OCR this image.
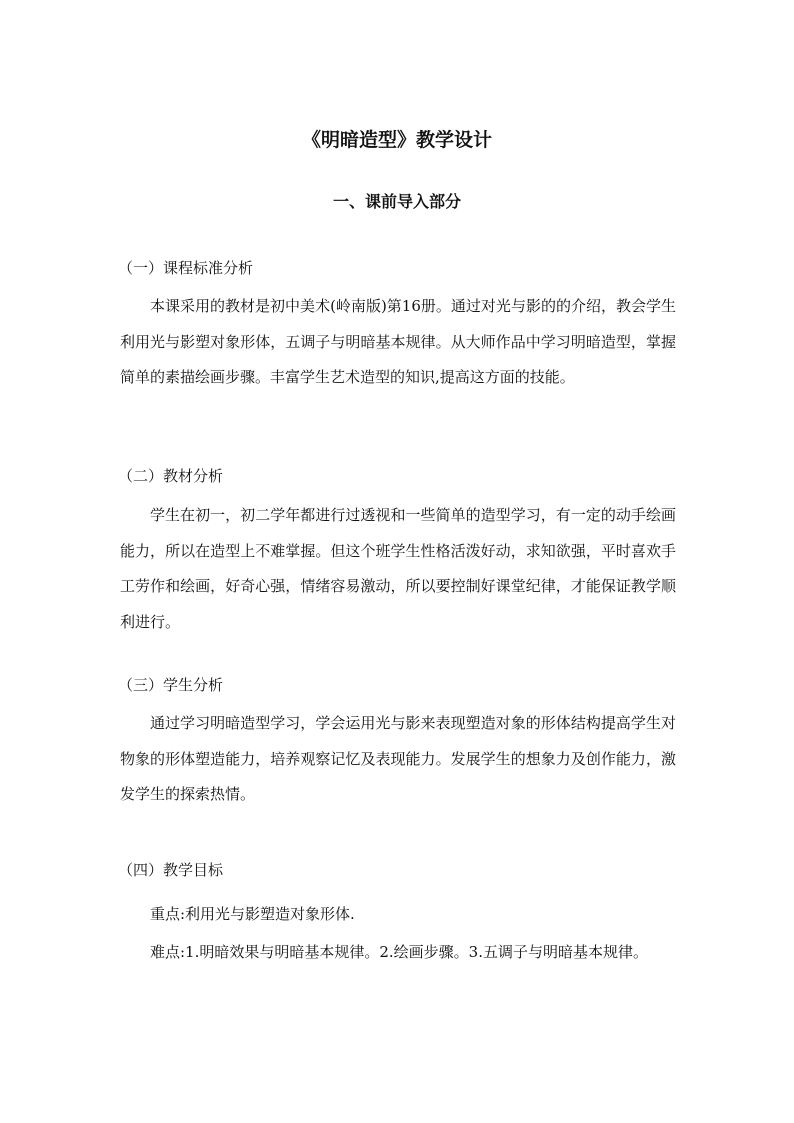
《明暗造型》教学设计
一、课前导入部分
（一）课程标准分析

本课采用的教材是初中美术(岭南版)第16册。通过对光与影的的介绍，教会学生利用光与影塑对象形体，五调子与明暗基本规律。从大师作品中学习明暗造型，掌握简单的素描绘画步骤。丰富学生艺术造型的知识,提高这方面的技能。

（二）教材分析

学生在初一，初二学年都进行过透视和一些简单的造型学习，有一定的动手绘画能力，所以在造型上不难掌握。但这个班学生性格活泼好动，求知欲强，平时喜欢手工劳作和绘画，好奇心强，情绪容易激动，所以要控制好课堂纪律，才能保证教学顺利进行。

（三）学生分析

通过学习明暗造型学习，学会运用光与影来表现塑造对象的形体结构提高学生对物象的形体塑造能力，培养观察记忆及表现能力。发展学生的想象力及创作能力，激发学生的探索热情。

（四）教学目标
重点:利用光与影塑造对象形体.

难点:1.明暗效果与明暗基本规律。2.绘画步骤。3.五调子与明暗基本规律。
